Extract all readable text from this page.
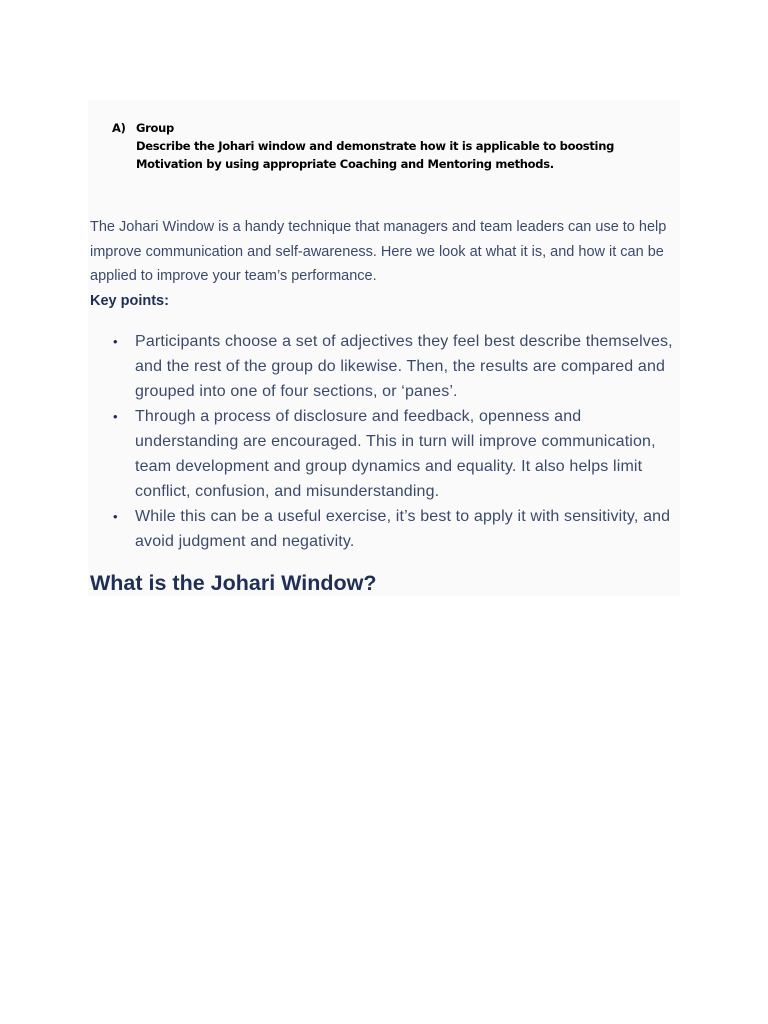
A) Group
Describe the Johari window and demonstrate how it is applicable to boosting Motivation by using appropriate Coaching and Mentoring methods.
The Johari Window is a handy technique that managers and team leaders can use to help improve communication and self-awareness. Here we look at what it is, and how it can be applied to improve your team’s performance.
Key points:
• Participants choose a set of adjectives they feel best describe themselves, and the rest of the group do likewise. Then, the results are compared and grouped into one of four sections, or ‘panes’.
• Through a process of disclosure and feedback, openness and understanding are encouraged. This in turn will improve communication, team development and group dynamics and equality. It also helps limit conflict, confusion, and misunderstanding.
• While this can be a useful exercise, it’s best to apply it with sensitivity, and avoid judgment and negativity.
What is the Johari Window?
